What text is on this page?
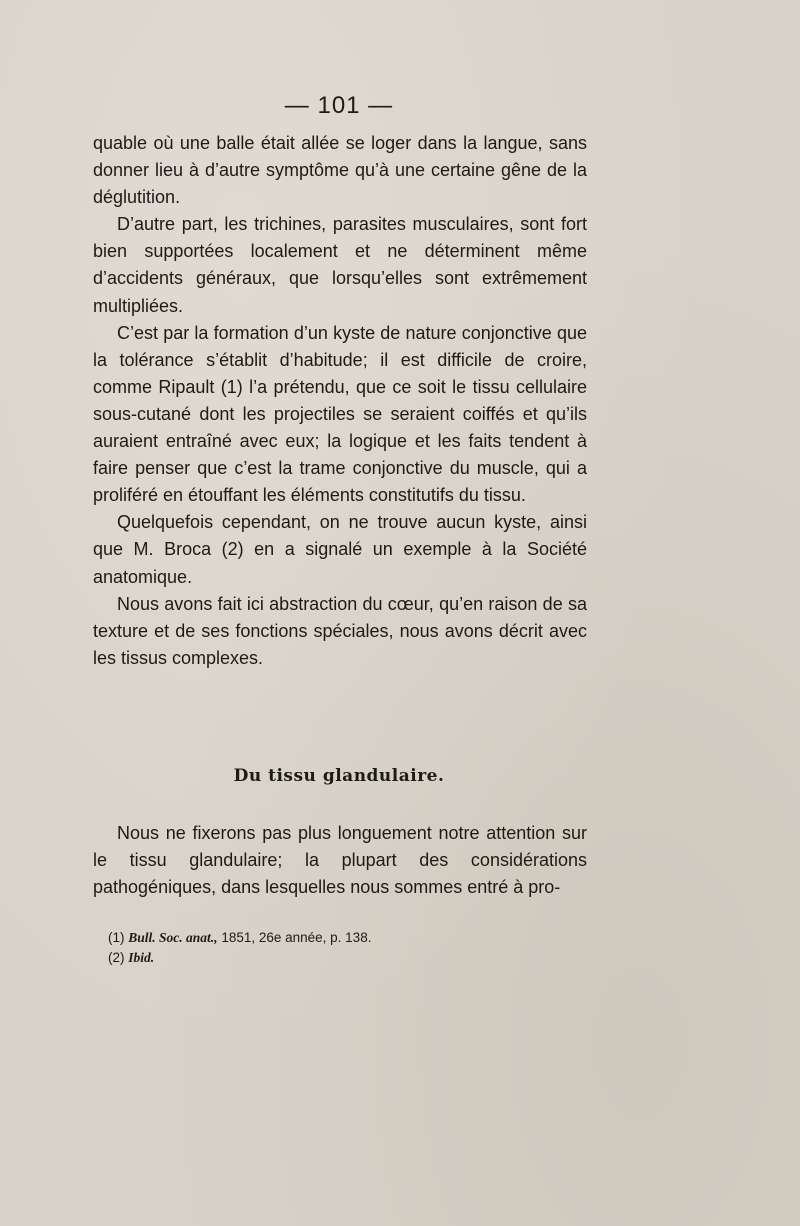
— 101 —

quable où une balle était allée se loger dans la langue, sans donner lieu à d’autre symptôme qu’à une certaine gêne de la déglutition.

D’autre part, les trichines, parasites musculaires, sont fort bien supportées localement et ne déterminent même d’accidents généraux, que lorsqu’elles sont extrêmement multipliées.

C’est par la formation d’un kyste de nature conjonctive que la tolérance s’établit d’habitude; il est difficile de croire, comme Ripault (1) l’a prétendu, que ce soit le tissu cellulaire sous-cutané dont les projectiles se seraient coiffés et qu’ils auraient entraîné avec eux; la logique et les faits tendent à faire penser que c’est la trame conjonctive du muscle, qui a proliféré en étouffant les éléments constitutifs du tissu.

Quelquefois cependant, on ne trouve aucun kyste, ainsi que M. Broca (2) en a signalé un exemple à la Société anatomique.

Nous avons fait ici abstraction du cœur, qu’en raison de sa texture et de ses fonctions spéciales, nous avons décrit avec les tissus complexes.

Du tissu glandulaire.

Nous ne fixerons pas plus longuement notre attention sur le tissu glandulaire; la plupart des considérations pathogéniques, dans lesquelles nous sommes entré à pro-

(1) Bull. Soc. anat., 1851, 26e année, p. 138.
(2) Ibid.
